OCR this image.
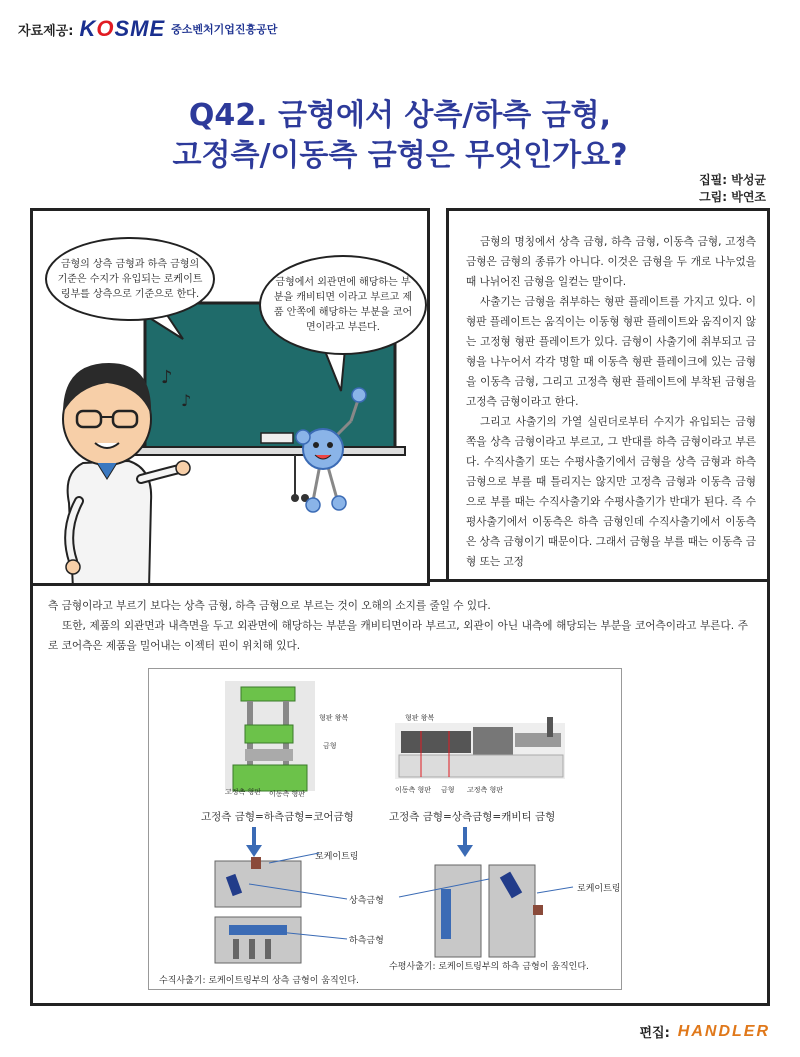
자료제공: KOSME 중소벤처기업진흥공단
Q42. 금형에서 상측/하측 금형,
고정측/이동측 금형은 무엇인가요?
집필: 박성균
그림: 박연조
♪
♪
금형의 상측 금형과 하측 금형의 기준은 수지가 유입되는 로케이트링부를 상측으로 기준으로 한다.
금형에서 외관면에 해당하는 부분을 캐비티면 이라고 부르고 제품 안쪽에 해당하는 부분을 코어면이라고 부른다.

금형의 명칭에서 상측 금형, 하측 금형, 이동측 금형, 고정측 금형은 금형의 종류가 아니다. 이것은 금형을 두 개로 나누었을 때 나뉘어진 금형을 일컫는 말이다.

사출기는 금형을 취부하는 형판 플레이트를 가지고 있다. 이 형판 플레이트는 움직이는 이동형 형판 플레이트와 움직이지 않는 고정형 형판 플레이트가 있다. 금형이 사출기에 취부되고 금형을 나누어서 각각 명할 때 이동측 형판 플레이크에 있는 금형을 이동측 금형, 그리고 고정측 형판 플레이트에 부착된 금형을 고정측 금형이라고 한다.

그리고 사출기의 가열 실린더로부터 수지가 유입되는 금형쪽을 상측 금형이라고 부르고, 그 반대를 하측 금형이라고 부른다. 수직사출기 또는 수평사출기에서 금형을 상측 금형과 하측 금형으로 부를 때 틀리지는 않지만 고정측 금형과 이동측 금형으로 부를 때는 수직사출기와 수평사출기가 반대가 된다. 즉 수평사출기에서 이동측은 하측 금형인데 수직사출기에서 이동측은 상측 금형이기 때문이다. 그래서 금형을 부를 때는 이동측 금형 또는 고정

측 금형이라고 부르기 보다는 상측 금형, 하측 금형으로 부르는 것이 오해의 소지를 줄일 수 있다.

또한, 제품의 외관면과 내측면을 두고 외관면에 해당하는 부분을 캐비티면이라 부르고, 외관이 아닌 내측에 해당되는 부분을 코어측이라고 부른다. 주로 코어측은 제품을 밀어내는 이젝터 핀이 위치해 있다.

형판 왕복
금형
고정측 형판 이동측 형판
형판 왕복
이동측 형판 금형 고정측 형판
고정측 금형=하측금형=코어금형	고정측 금형=상측금형=캐비티 금형
로케이트링
상측금형
하측금형
로케이트링
수직사출기: 로케이트링부의 상측 금형이 움직인다.
수평사출기: 로케이트링부의 하측 금형이 움직인다.
편집: HANDLER
